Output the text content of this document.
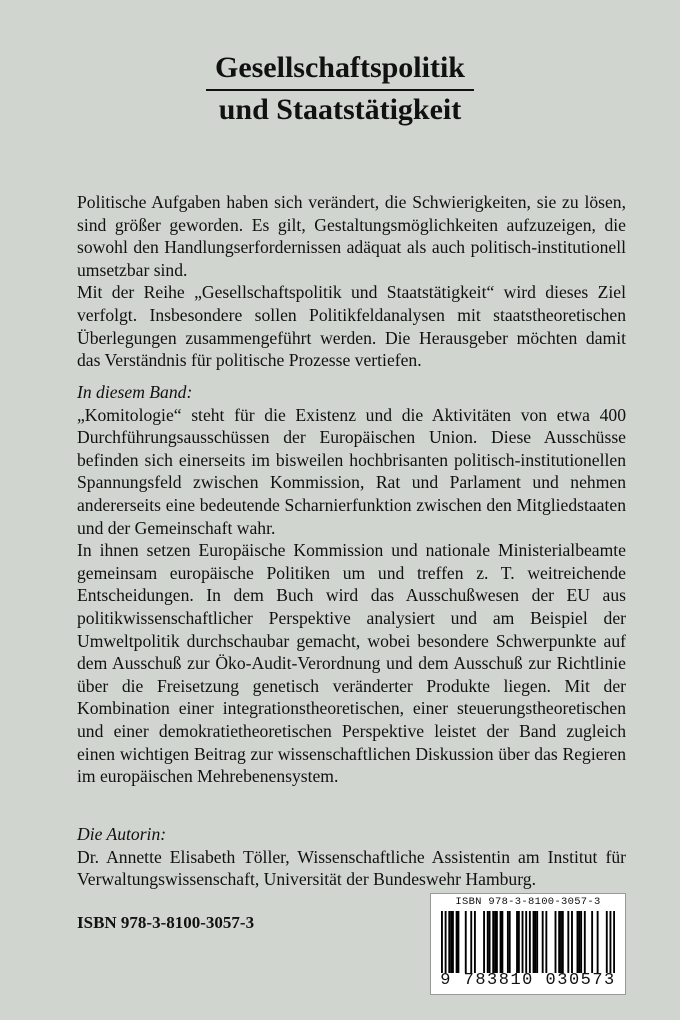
Gesellschaftspolitik
und Staatstätigkeit

Politische Aufgaben haben sich verändert, die Schwierigkeiten, sie zu lösen, sind größer geworden. Es gilt, Gestaltungsmöglichkeiten aufzuzeigen, die sowohl den Handlungserfordernissen adäquat als auch politisch-institutionell umsetzbar sind.

Mit der Reihe „Gesellschaftspolitik und Staatstätigkeit“ wird dieses Ziel verfolgt. Insbesondere sollen Politikfeldanalysen mit staatstheoretischen Überlegungen zusammengeführt werden. Die Herausgeber möchten damit das Verständnis für politische Prozesse vertiefen.

In diesem Band:

„Komitologie“ steht für die Existenz und die Aktivitäten von etwa 400 Durchführungsausschüssen der Europäischen Union. Diese Ausschüsse befinden sich einerseits im bisweilen hochbrisanten politisch-institutionellen Spannungsfeld zwischen Kommission, Rat und Parlament und nehmen andererseits eine bedeutende Scharnierfunktion zwischen den Mitgliedstaaten und der Gemeinschaft wahr.

In ihnen setzen Europäische Kommission und nationale Ministerialbeamte gemeinsam europäische Politiken um und treffen z. T. weitreichende Entscheidungen. In dem Buch wird das Ausschußwesen der EU aus politikwissenschaftlicher Perspektive analysiert und am Beispiel der Umweltpolitik durchschaubar gemacht, wobei besondere Schwerpunkte auf dem Ausschuß zur Öko-Audit-Verordnung und dem Ausschuß zur Richtlinie über die Freisetzung genetisch veränderter Produkte liegen. Mit der Kombination einer integrationstheoretischen, einer steuerungstheoretischen und einer demokratietheoretischen Perspektive leistet der Band zugleich einen wichtigen Beitrag zur wissenschaftlichen Diskussion über das Regieren im europäischen Mehrebenensystem.

Die Autorin:

Dr. Annette Elisabeth Töller, Wissenschaftliche Assistentin am Institut für Verwaltungswissenschaft, Universität der Bundeswehr Hamburg.

ISBN 978-3-8100-3057-3
ISBN 978-3-8100-3057-3
9 783810 030573
